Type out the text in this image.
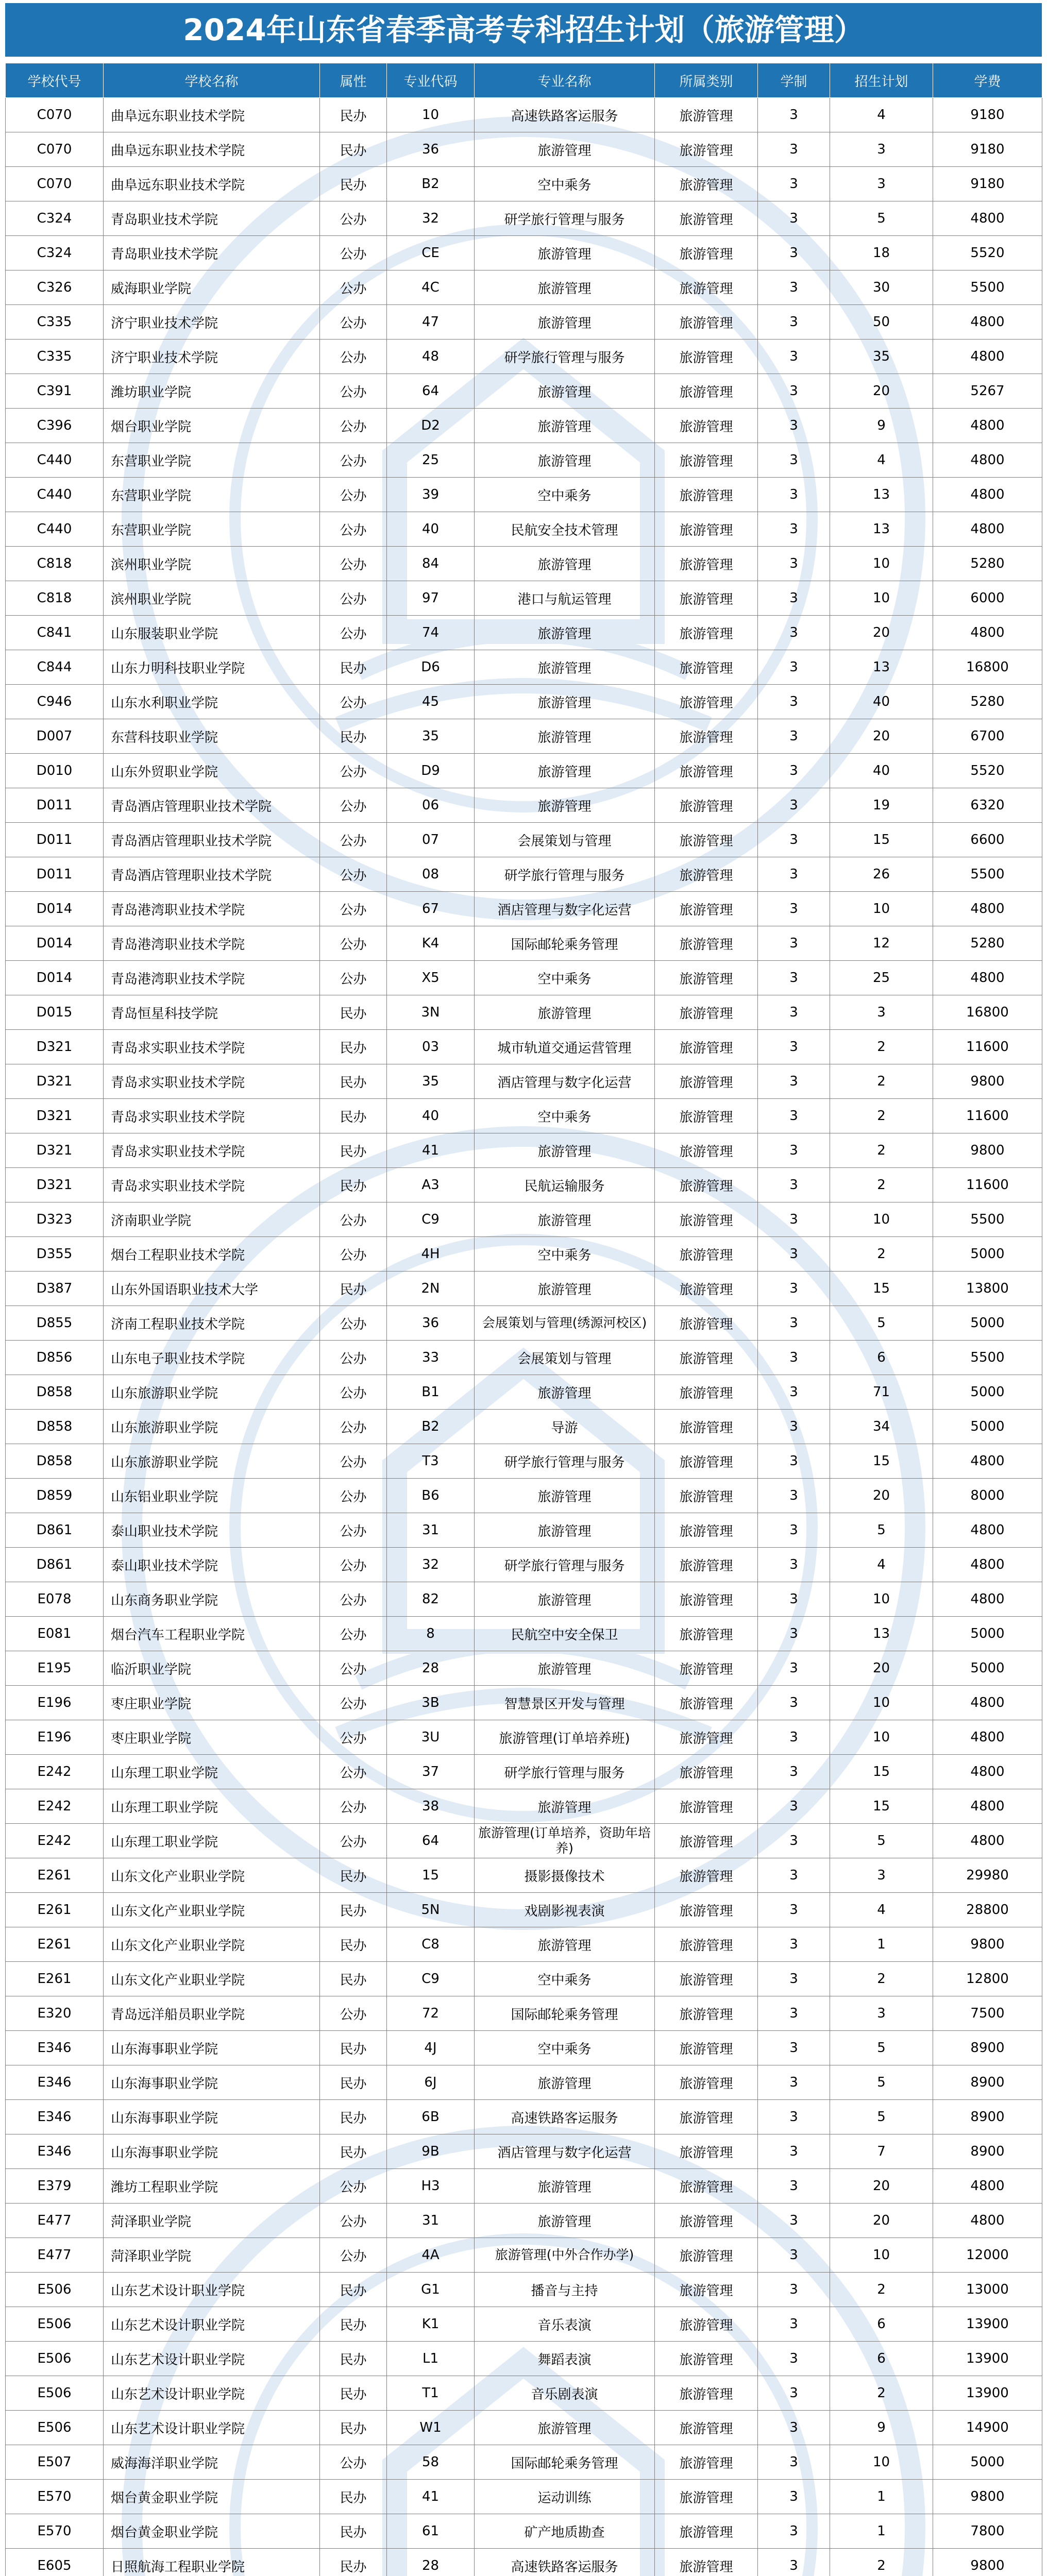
2024年山东省春季高考专科招生计划（旅游管理）
学校代号	学校名称	属性	专业代码	专业名称	所属类别	学制	招生计划	学费
C070	曲阜远东职业技术学院	民办	10	高速铁路客运服务	旅游管理	3	4	9180
C070	曲阜远东职业技术学院	民办	36	旅游管理	旅游管理	3	3	9180
C070	曲阜远东职业技术学院	民办	B2	空中乘务	旅游管理	3	3	9180
C324	青岛职业技术学院	公办	32	研学旅行管理与服务	旅游管理	3	5	4800
C324	青岛职业技术学院	公办	CE	旅游管理	旅游管理	3	18	5520
C326	威海职业学院	公办	4C	旅游管理	旅游管理	3	30	5500
C335	济宁职业技术学院	公办	47	旅游管理	旅游管理	3	50	4800
C335	济宁职业技术学院	公办	48	研学旅行管理与服务	旅游管理	3	35	4800
C391	潍坊职业学院	公办	64	旅游管理	旅游管理	3	20	5267
C396	烟台职业学院	公办	D2	旅游管理	旅游管理	3	9	4800
C440	东营职业学院	公办	25	旅游管理	旅游管理	3	4	4800
C440	东营职业学院	公办	39	空中乘务	旅游管理	3	13	4800
C440	东营职业学院	公办	40	民航安全技术管理	旅游管理	3	13	4800
C818	滨州职业学院	公办	84	旅游管理	旅游管理	3	10	5280
C818	滨州职业学院	公办	97	港口与航运管理	旅游管理	3	10	6000
C841	山东服装职业学院	公办	74	旅游管理	旅游管理	3	20	4800
C844	山东力明科技职业学院	民办	D6	旅游管理	旅游管理	3	13	16800
C946	山东水利职业学院	公办	45	旅游管理	旅游管理	3	40	5280
D007	东营科技职业学院	民办	35	旅游管理	旅游管理	3	20	6700
D010	山东外贸职业学院	公办	D9	旅游管理	旅游管理	3	40	5520
D011	青岛酒店管理职业技术学院	公办	06	旅游管理	旅游管理	3	19	6320
D011	青岛酒店管理职业技术学院	公办	07	会展策划与管理	旅游管理	3	15	6600
D011	青岛酒店管理职业技术学院	公办	08	研学旅行管理与服务	旅游管理	3	26	5500
D014	青岛港湾职业技术学院	公办	67	酒店管理与数字化运营	旅游管理	3	10	4800
D014	青岛港湾职业技术学院	公办	K4	国际邮轮乘务管理	旅游管理	3	12	5280
D014	青岛港湾职业技术学院	公办	X5	空中乘务	旅游管理	3	25	4800
D015	青岛恒星科技学院	民办	3N	旅游管理	旅游管理	3	3	16800
D321	青岛求实职业技术学院	民办	03	城市轨道交通运营管理	旅游管理	3	2	11600
D321	青岛求实职业技术学院	民办	35	酒店管理与数字化运营	旅游管理	3	2	9800
D321	青岛求实职业技术学院	民办	40	空中乘务	旅游管理	3	2	11600
D321	青岛求实职业技术学院	民办	41	旅游管理	旅游管理	3	2	9800
D321	青岛求实职业技术学院	民办	A3	民航运输服务	旅游管理	3	2	11600
D323	济南职业学院	公办	C9	旅游管理	旅游管理	3	10	5500
D355	烟台工程职业技术学院	公办	4H	空中乘务	旅游管理	3	2	5000
D387	山东外国语职业技术大学	民办	2N	旅游管理	旅游管理	3	15	13800
D855	济南工程职业技术学院	公办	36	会展策划与管理(绣源河校区)	旅游管理	3	5	5000
D856	山东电子职业技术学院	公办	33	会展策划与管理	旅游管理	3	6	5500
D858	山东旅游职业学院	公办	B1	旅游管理	旅游管理	3	71	5000
D858	山东旅游职业学院	公办	B2	导游	旅游管理	3	34	5000
D858	山东旅游职业学院	公办	T3	研学旅行管理与服务	旅游管理	3	15	4800
D859	山东铝业职业学院	公办	B6	旅游管理	旅游管理	3	20	8000
D861	泰山职业技术学院	公办	31	旅游管理	旅游管理	3	5	4800
D861	泰山职业技术学院	公办	32	研学旅行管理与服务	旅游管理	3	4	4800
E078	山东商务职业学院	公办	82	旅游管理	旅游管理	3	10	4800
E081	烟台汽车工程职业学院	公办	8	民航空中安全保卫	旅游管理	3	13	5000
E195	临沂职业学院	公办	28	旅游管理	旅游管理	3	20	5000
E196	枣庄职业学院	公办	3B	智慧景区开发与管理	旅游管理	3	10	4800
E196	枣庄职业学院	公办	3U	旅游管理(订单培养班)	旅游管理	3	10	4800
E242	山东理工职业学院	公办	37	研学旅行管理与服务	旅游管理	3	15	4800
E242	山东理工职业学院	公办	38	旅游管理	旅游管理	3	15	4800
E242	山东理工职业学院	公办	64	旅游管理(订单培养，资助年培养)	旅游管理	3	5	4800
E261	山东文化产业职业学院	民办	15	摄影摄像技术	旅游管理	3	3	29980
E261	山东文化产业职业学院	民办	5N	戏剧影视表演	旅游管理	3	4	28800
E261	山东文化产业职业学院	民办	C8	旅游管理	旅游管理	3	1	9800
E261	山东文化产业职业学院	民办	C9	空中乘务	旅游管理	3	2	12800
E320	青岛远洋船员职业学院	公办	72	国际邮轮乘务管理	旅游管理	3	3	7500
E346	山东海事职业学院	民办	4J	空中乘务	旅游管理	3	5	8900
E346	山东海事职业学院	民办	6J	旅游管理	旅游管理	3	5	8900
E346	山东海事职业学院	民办	6B	高速铁路客运服务	旅游管理	3	5	8900
E346	山东海事职业学院	民办	9B	酒店管理与数字化运营	旅游管理	3	7	8900
E379	潍坊工程职业学院	公办	H3	旅游管理	旅游管理	3	20	4800
E477	菏泽职业学院	公办	31	旅游管理	旅游管理	3	20	4800
E477	菏泽职业学院	公办	4A	旅游管理(中外合作办学)	旅游管理	3	10	12000
E506	山东艺术设计职业学院	民办	G1	播音与主持	旅游管理	3	2	13000
E506	山东艺术设计职业学院	民办	K1	音乐表演	旅游管理	3	6	13900
E506	山东艺术设计职业学院	民办	L1	舞蹈表演	旅游管理	3	6	13900
E506	山东艺术设计职业学院	民办	T1	音乐剧表演	旅游管理	3	2	13900
E506	山东艺术设计职业学院	民办	W1	旅游管理	旅游管理	3	9	14900
E507	威海海洋职业学院	公办	58	国际邮轮乘务管理	旅游管理	3	10	5000
E570	烟台黄金职业学院	民办	41	运动训练	旅游管理	3	1	9800
E570	烟台黄金职业学院	民办	61	矿产地质勘查	旅游管理	3	1	7800
E605	日照航海工程职业学院	民办	28	高速铁路客运服务	旅游管理	3	2	9800
